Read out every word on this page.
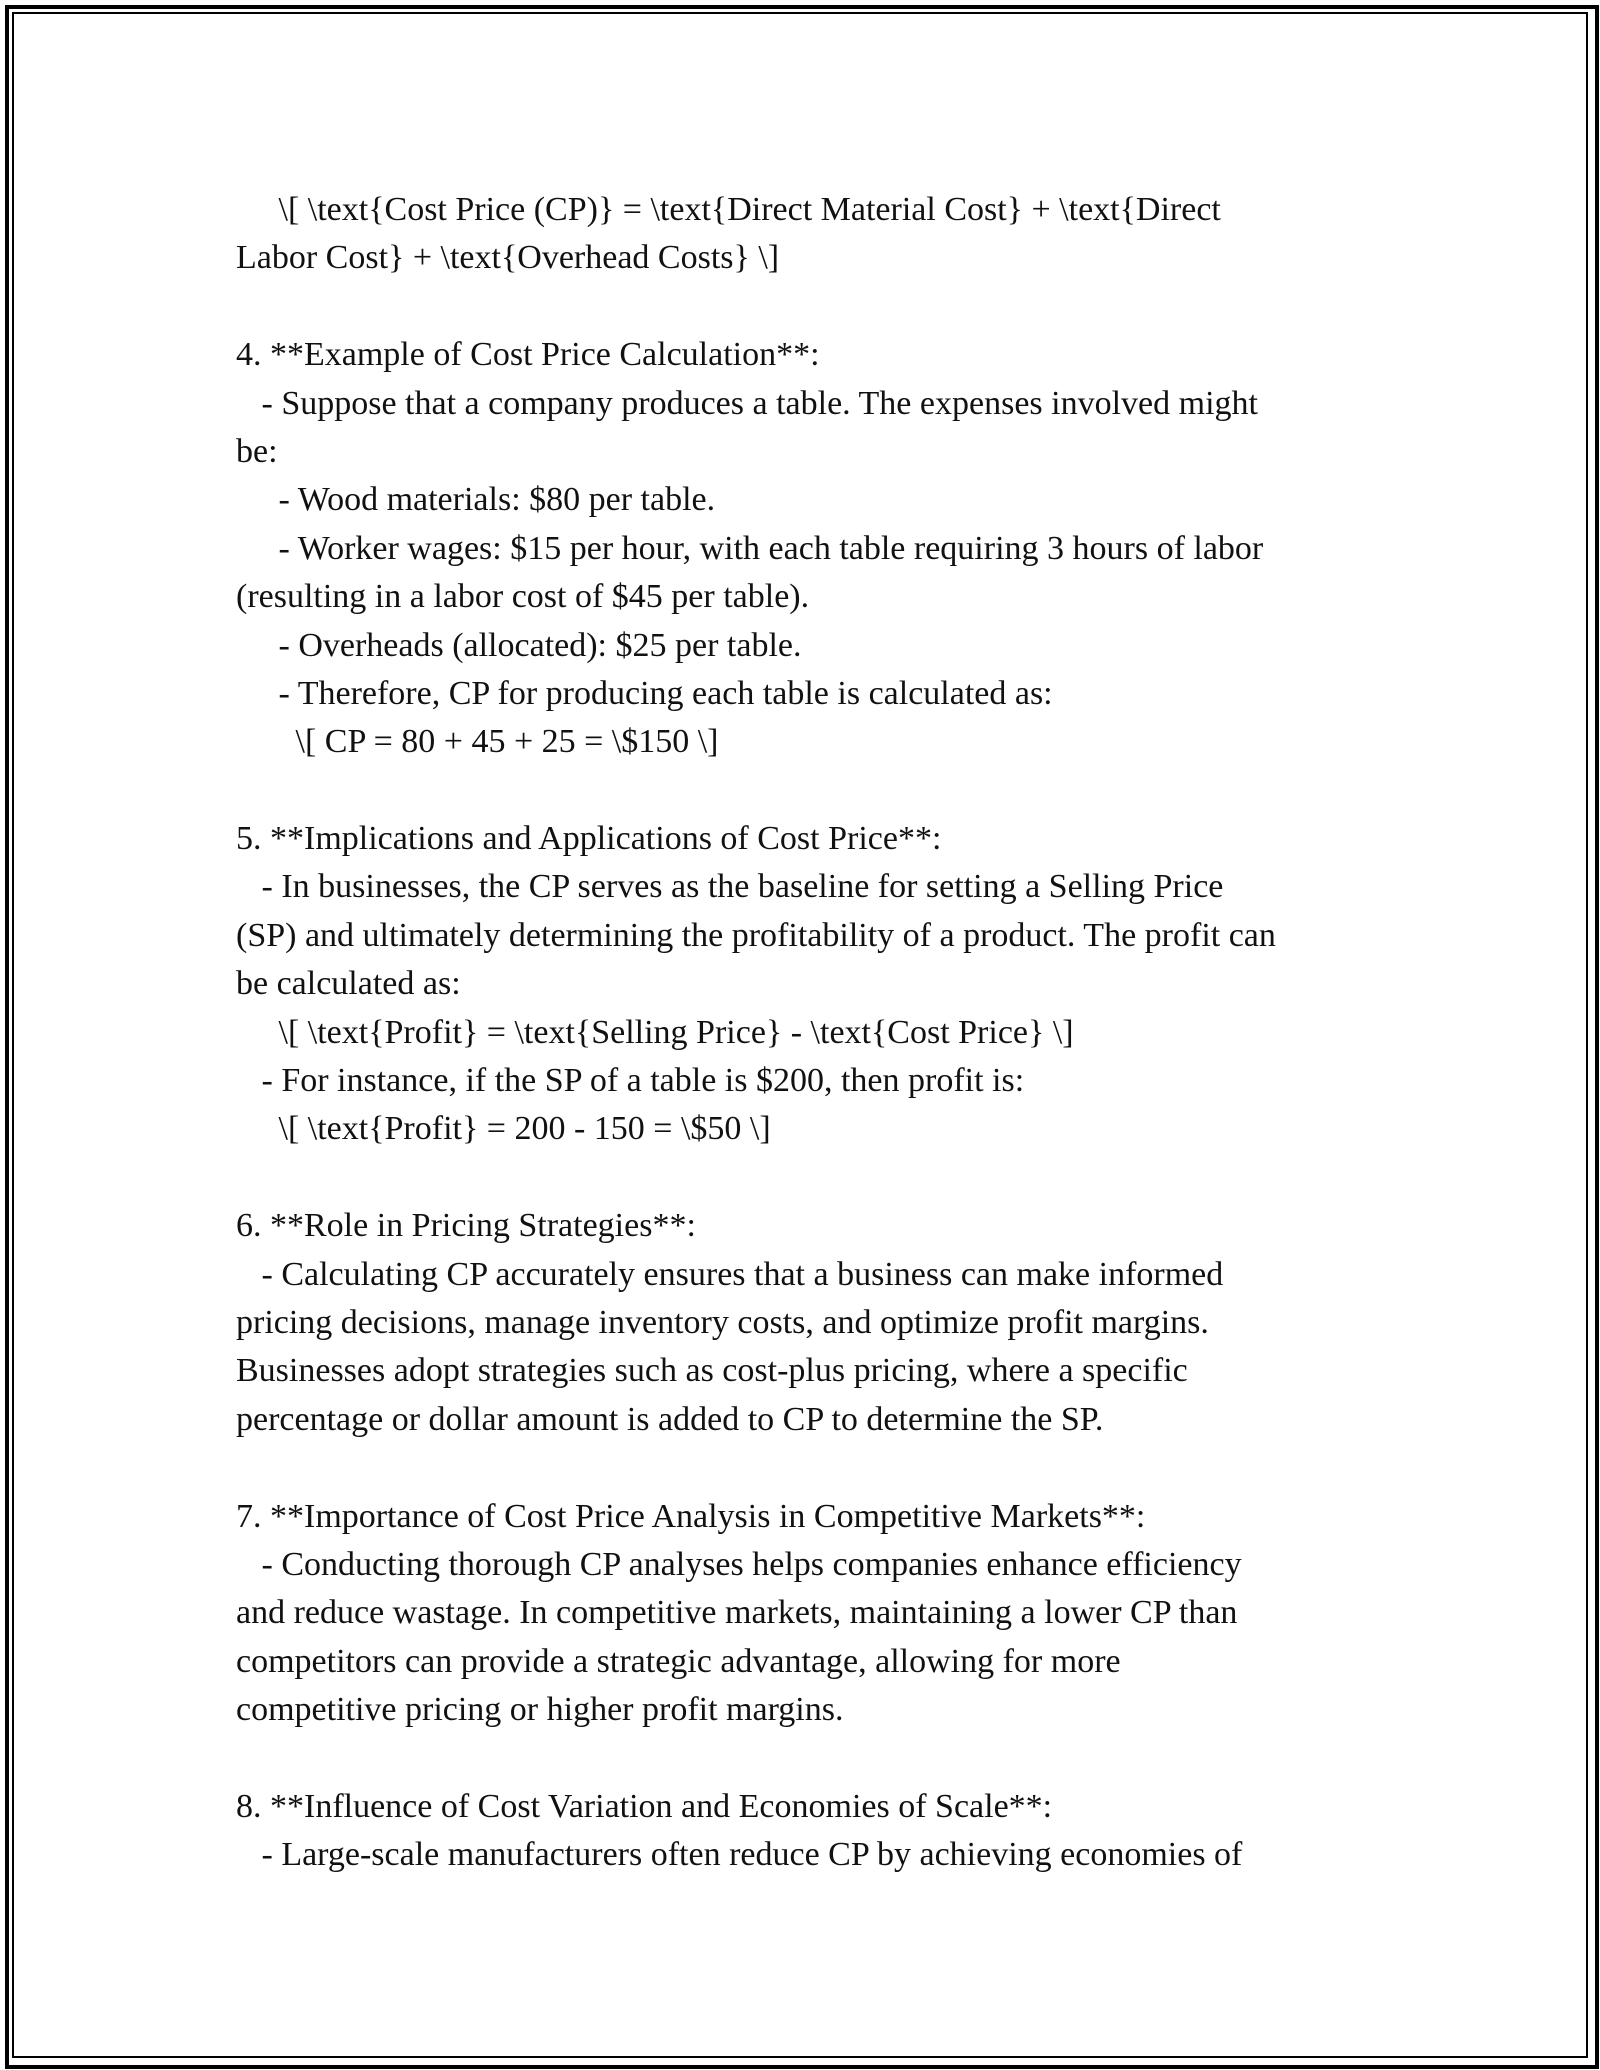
\[ \text{Cost Price (CP)} = \text{Direct Material Cost} + \text{Direct
Labor Cost} + \text{Overhead Costs} \]
4. **Example of Cost Price Calculation**:
- Suppose that a company produces a table. The expenses involved might
be:
- Wood materials: $80 per table.
- Worker wages: $15 per hour, with each table requiring 3 hours of labor
(resulting in a labor cost of $45 per table).
- Overheads (allocated): $25 per table.
- Therefore, CP for producing each table is calculated as:
\[ CP = 80 + 45 + 25 = \$150 \]
5. **Implications and Applications of Cost Price**:
- In businesses, the CP serves as the baseline for setting a Selling Price
(SP) and ultimately determining the profitability of a product. The profit can
be calculated as:
\[ \text{Profit} = \text{Selling Price} - \text{Cost Price} \]
- For instance, if the SP of a table is $200, then profit is:
\[ \text{Profit} = 200 - 150 = \$50 \]
6. **Role in Pricing Strategies**:
- Calculating CP accurately ensures that a business can make informed
pricing decisions, manage inventory costs, and optimize profit margins.
Businesses adopt strategies such as cost-plus pricing, where a specific
percentage or dollar amount is added to CP to determine the SP.
7. **Importance of Cost Price Analysis in Competitive Markets**:
- Conducting thorough CP analyses helps companies enhance efficiency
and reduce wastage. In competitive markets, maintaining a lower CP than
competitors can provide a strategic advantage, allowing for more
competitive pricing or higher profit margins.
8. **Influence of Cost Variation and Economies of Scale**:
- Large-scale manufacturers often reduce CP by achieving economies of
